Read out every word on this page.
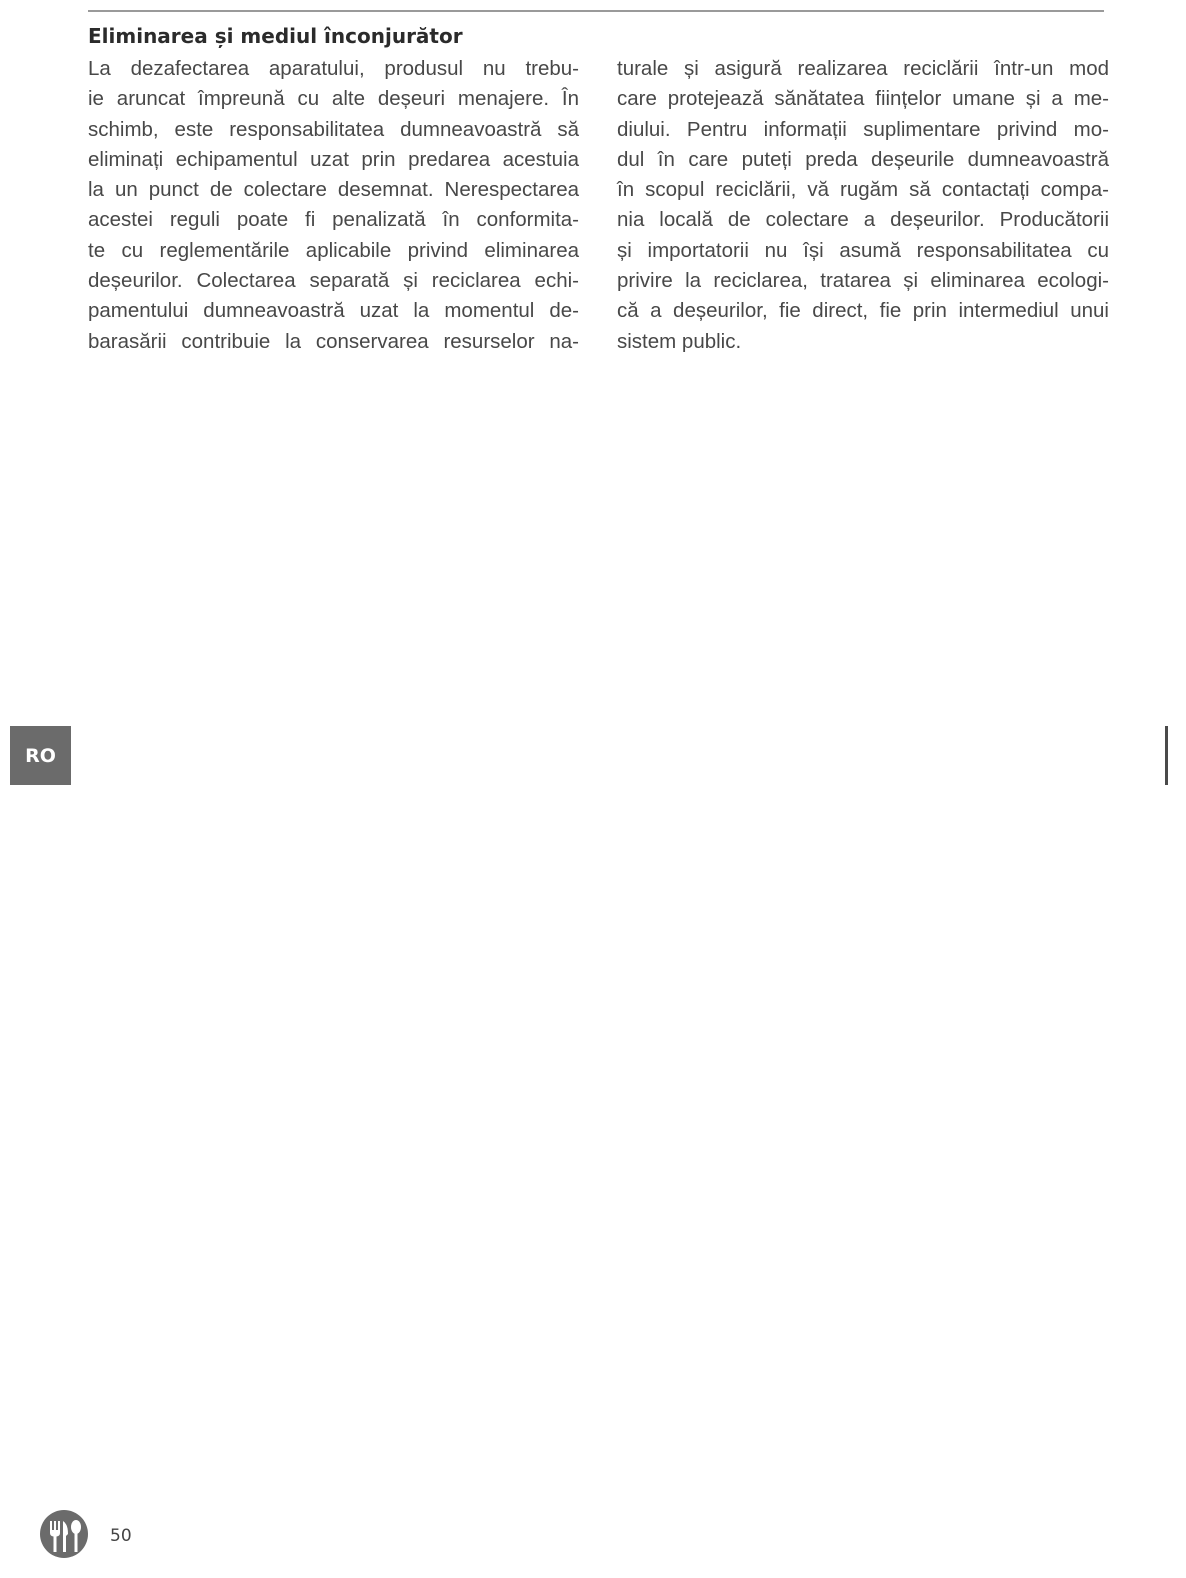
Eliminarea și mediul înconjurător
La dezafectarea aparatului, produsul nu trebu-
ie aruncat împreună cu alte deșeuri menajere. În
schimb, este responsabilitatea dumneavoastră să
eliminați echipamentul uzat prin predarea acestuia
la un punct de colectare desemnat. Nerespectarea
acestei reguli poate fi penalizată în conformita-
te cu reglementările aplicabile privind eliminarea
deșeurilor. Colectarea separată și reciclarea echi-
pamentului dumneavoastră uzat la momentul de-
barasării contribuie la conservarea resurselor na-
turale și asigură realizarea reciclării într-un mod
care protejează sănătatea ființelor umane și a me-
diului. Pentru informații suplimentare privind mo-
dul în care puteți preda deșeurile dumneavoastră
în scopul reciclării, vă rugăm să contactați compa-
nia locală de colectare a deșeurilor. Producătorii
și importatorii nu își asumă responsabilitatea cu
privire la reciclarea, tratarea și eliminarea ecologi-
că a deșeurilor, fie direct, fie prin intermediul unui
sistem public.
RO
50
